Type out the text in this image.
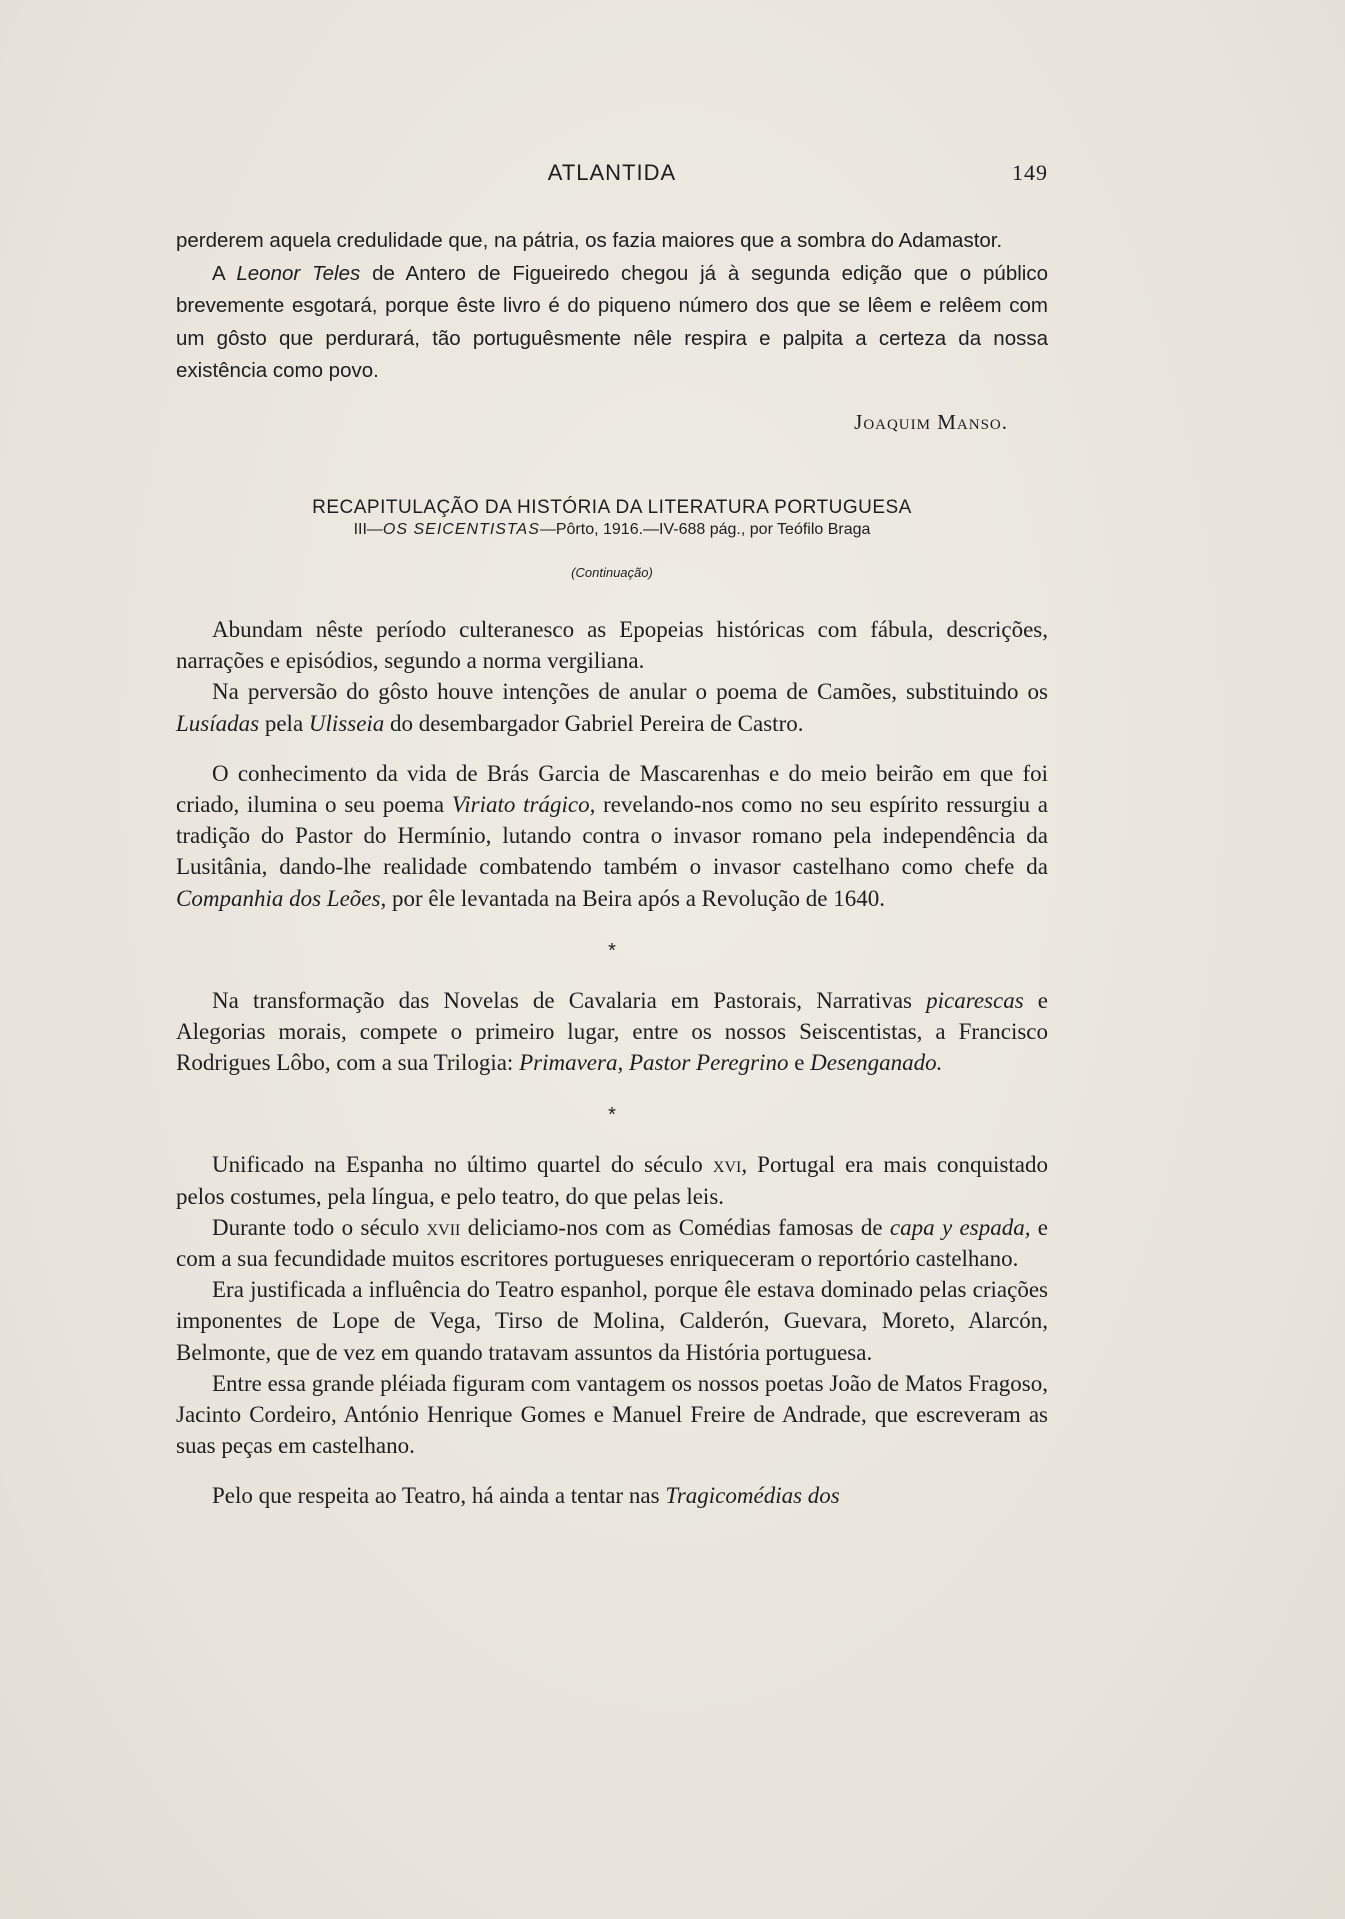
ATLANTIDA	149

perderem aquela credulidade que, na pátria, os fazia maiores que a sombra do Adamastor.

A Leonor Teles de Antero de Figueiredo chegou já à segunda edição que o público brevemente esgotará, porque êste livro é do piqueno número dos que se lêem e relêem com um gôsto que perdurará, tão portuguêsmente nêle respira e palpita a certeza da nossa existência como povo.

Joaquim Manso.
RECAPITULAÇÃO DA HISTÓRIA DA LITERATURA PORTUGUESA
III—OS SEICENTISTAS—Pôrto, 1916.—IV-688 pág., por Teófilo Braga
(Continuação)

Abundam nêste período culteranesco as Epopeias históricas com fábula, descrições, narrações e episódios, segundo a norma vergiliana.

Na perversão do gôsto houve intenções de anular o poema de Camões, substituindo os Lusíadas pela Ulisseia do desembargador Gabriel Pereira de Castro.

O conhecimento da vida de Brás Garcia de Mascarenhas e do meio beirão em que foi criado, ilumina o seu poema Viriato trágico, revelando-nos como no seu espírito ressurgiu a tradição do Pastor do Hermínio, lutando contra o invasor romano pela independência da Lusitânia, dando-lhe realidade combatendo também o invasor castelhano como chefe da Companhia dos Leões, por êle levantada na Beira após a Revolução de 1640.

*

Na transformação das Novelas de Cavalaria em Pastorais, Narrativas picarescas e Alegorias morais, compete o primeiro lugar, entre os nossos Seiscentistas, a Francisco Rodrigues Lôbo, com a sua Trilogia: Primavera, Pastor Peregrino e Desenganado.

*

Unificado na Espanha no último quartel do século xvi, Portugal era mais conquistado pelos costumes, pela língua, e pelo teatro, do que pelas leis.

Durante todo o século xvii deliciamo-nos com as Comédias famosas de capa y espada, e com a sua fecundidade muitos escritores portugueses enriqueceram o reportório castelhano.

Era justificada a influência do Teatro espanhol, porque êle estava dominado pelas criações imponentes de Lope de Vega, Tirso de Molina, Calderón, Guevara, Moreto, Alarcón, Belmonte, que de vez em quando tratavam assuntos da História portuguesa.

Entre essa grande pléiada figuram com vantagem os nossos poetas João de Matos Fragoso, Jacinto Cordeiro, António Henrique Gomes e Manuel Freire de Andrade, que escreveram as suas peças em castelhano.

Pelo que respeita ao Teatro, há ainda a tentar nas Tragicomédias dos
